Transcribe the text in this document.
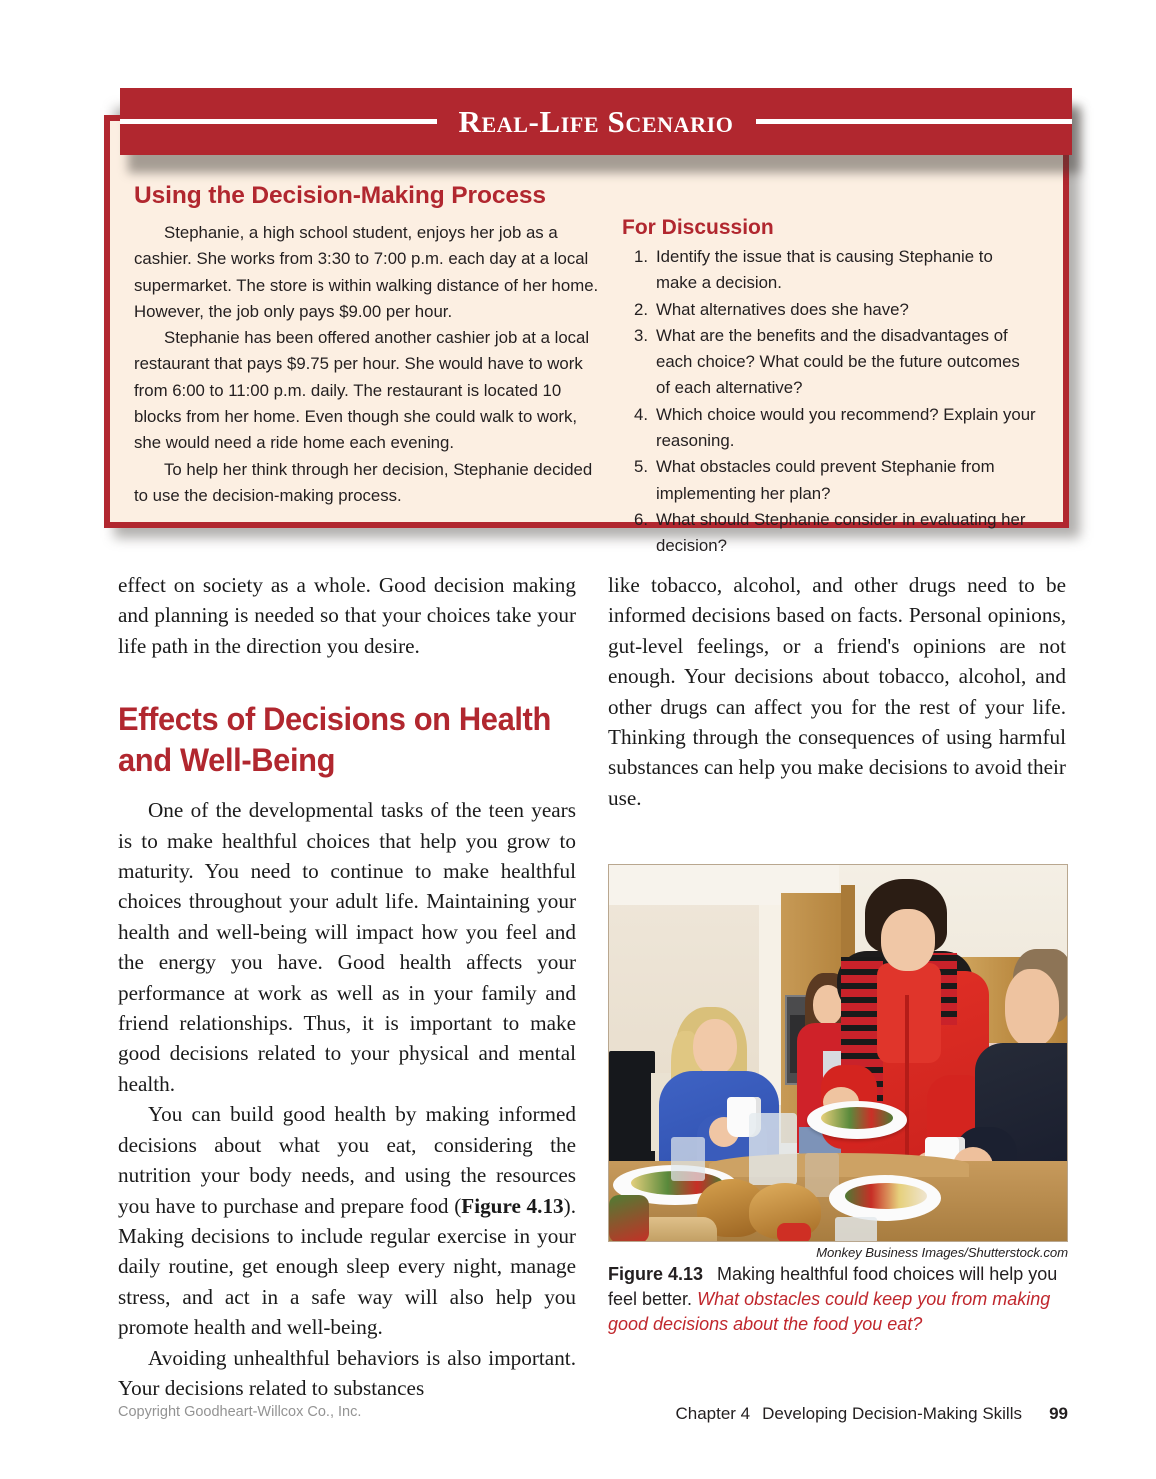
Using the Decision-Making Process

Stephanie, a high school student, enjoys her job as a cashier. She works from 3:30 to 7:00 p.m. each day at a local supermarket. The store is within walking distance of her home. However, the job only pays $9.00 per hour.

Stephanie has been offered another cashier job at a local restaurant that pays $9.75 per hour. She would have to work from 6:00 to 11:00 p.m. daily. The restaurant is located 10 blocks from her home. Even though she could walk to work, she would need a ride home each evening.

To help her think through her decision, Stephanie decided to use the decision-making process.

For Discussion
1. Identify the issue that is causing Stephanie to make a decision.
2. What alternatives does she have?
3. What are the benefits and the disadvantages of each choice? What could be the future outcomes of each alternative?
4. Which choice would you recommend? Explain your reasoning.
5. What obstacles could prevent Stephanie from implementing her plan?
6. What should Stephanie consider in evaluating her decision?
Real-Life Scenario

effect on society as a whole. Good decision making and planning is needed so that your choices take your life path in the direction you desire.

Effects of Decisions on Health and Well-Being

One of the developmental tasks of the teen years is to make healthful choices that help you grow to maturity. You need to continue to make healthful choices throughout your adult life. Maintaining your health and well-being will impact how you feel and the energy you have. Good health affects your performance at work as well as in your family and friend relationships. Thus, it is important to make good decisions related to your physical and mental health.

You can build good health by making informed decisions about what you eat, considering the nutrition your body needs, and using the resources you have to purchase and prepare food (Figure 4.13). Making decisions to include regular exercise in your daily routine, get enough sleep every night, manage stress, and act in a safe way will also help you promote health and well-being.

Avoiding unhealthful behaviors is also important. Your decisions related to substances

like tobacco, alcohol, and other drugs need to be informed decisions based on facts. Personal opinions, gut-level feelings, or a friend's opinions are not enough. Your decisions about tobacco, alcohol, and other drugs can affect you for the rest of your life. Thinking through the consequences of using harmful substances can help you make decisions to avoid their use.

Monkey Business Images/Shutterstock.com

Figure 4.13 Making healthful food choices will help you feel better. What obstacles could keep you from making good decisions about the food you eat?

Copyright Goodheart-Willcox Co., Inc.	Chapter 4 Developing Decision-Making Skills 99
